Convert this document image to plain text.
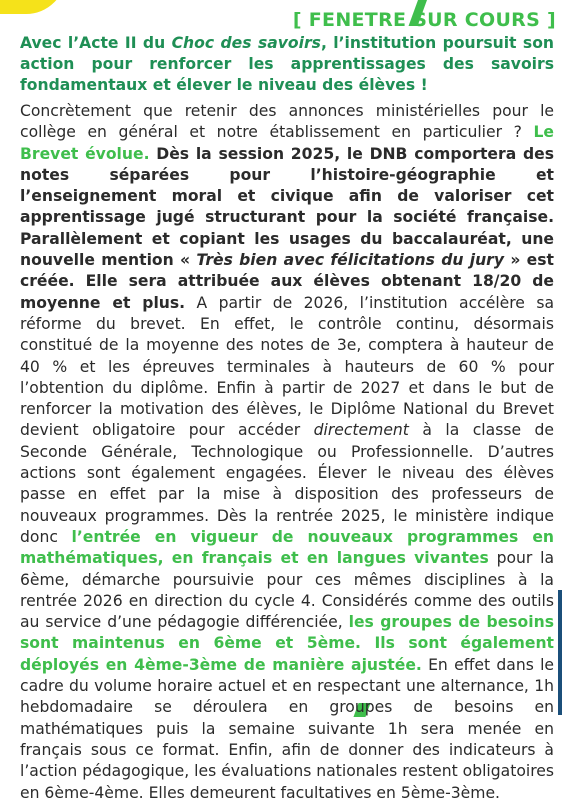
[ FENETRE SUR COURS ]

Avec l’Acte II du Choc des savoirs, l’institution poursuit son action pour renforcer les apprentissages des savoirs fondamentaux et élever le niveau des élèves !

Concrètement que retenir des annonces ministérielles pour le collège en général et notre établissement en particulier ? Le Brevet évolue. Dès la session 2025, le DNB comportera des notes séparées pour l’histoire-géographie et l’enseignement moral et civique afin de valoriser cet apprentissage jugé structurant pour la société française. Parallèlement et copiant les usages du baccalauréat, une nouvelle mention « Très bien avec félicitations du jury » est créée. Elle sera attribuée aux élèves obtenant 18/20 de moyenne et plus. A partir de 2026, l’institution accélère sa réforme du brevet. En effet, le contrôle continu, désormais constitué de la moyenne des notes de 3e, comptera à hauteur de 40 % et les épreuves terminales à hauteurs de 60 % pour l’obtention du diplôme. Enfin à partir de 2027 et dans le but de renforcer la motivation des élèves, le Diplôme National du Brevet devient obligatoire pour accéder directement à la classe de Seconde Générale, Technologique ou Professionnelle. D’autres actions sont également engagées. Élever le niveau des élèves passe en effet par la mise à disposition des professeurs de nouveaux programmes. Dès la rentrée 2025, le ministère indique donc l’entrée en vigueur de nouveaux programmes en mathématiques, en français et en langues vivantes pour la 6ème, démarche poursuivie pour ces mêmes disciplines à la rentrée 2026 en direction du cycle 4. Considérés comme des outils au service d’une pédagogie différenciée, les groupes de besoins sont maintenus en 6ème et 5ème. Ils sont également déployés en 4ème-3ème de manière ajustée. En effet dans le cadre du volume horaire actuel et en respectant une alternance, 1h hebdomadaire se déroulera en groupes de besoins en mathématiques puis la semaine suivante 1h sera menée en français sous ce format. Enfin, afin de donner des indicateurs à l’action pédagogique, les évaluations nationales restent obligatoires en 6ème-4ème. Elles demeurent facultatives en 5ème-3ème.
